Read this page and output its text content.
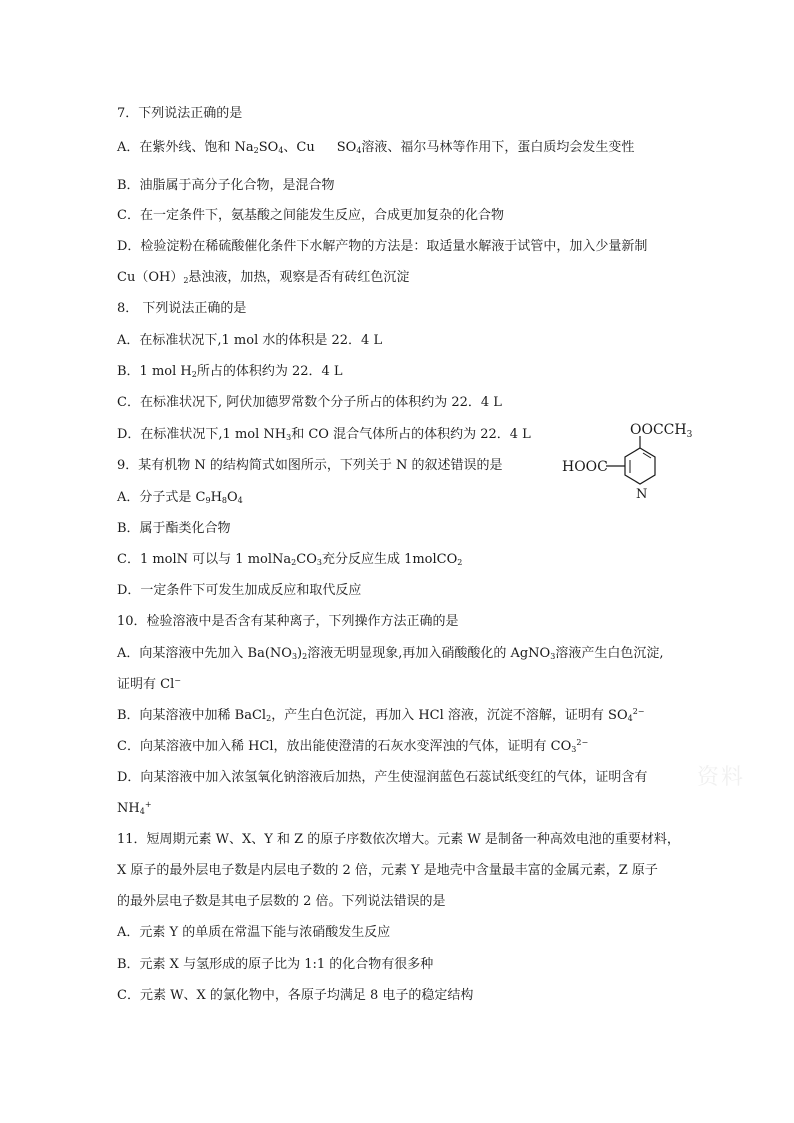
7．下列说法正确的是
A．在紫外线、饱和 $Na_2SO_4$、Cu $SO_4$溶液、福尔马林等作用下，蛋白质均会发生变性
B．油脂属于高分子化合物，是混合物
C．在一定条件下，氨基酸之间能发生反应，合成更加复杂的化合物
D．检验淀粉在稀硫酸催化条件下水解产物的方法是：取适量水解液于试管中，加入少量新制
$Cu(OH)_2$悬浊液，加热，观察是否有砖红色沉淀
8． 下列说法正确的是
A．在标准状况下,1 mol 水的体积是 22．4 L
B．1 mol $H_2$所占的体积约为 22．4 L
C．在标准状况下, 阿伏加德罗常数个分子所占的体积约为 22．4 L
D．在标准状况下,1 mol $NH_3$和 CO 混合气体所占的体积约为 22．4 L	$OOCCH_3$
HOOC
N
9．某有机物 N 的结构简式如图所示，下列关于 N 的叙述错误的是
A．分子式是 $C_9H_8O_4$
B．属于酯类化合物
C．1 molN 可以与 1 $molNa_2CO_3$充分反应生成 1molCO$_2$
D．一定条件下可发生加成反应和取代反应
10．检验溶液中是否含有某种离子，下列操作方法正确的是
A．向某溶液中先加入 $Ba(NO_3)_2$溶液无明显现象,再加入硝酸酸化的 AgNO$_3$溶液产生白色沉淀,
证明有 Cl−
B．向某溶液中加稀 BaCl$_2$，产生白色沉淀，再加入 HCl 溶液，沉淀不溶解，证明有 $SO_4^{2-}$
C．向某溶液中加入稀 HCl，放出能使澄清的石灰水变浑浊的气体，证明有 $CO_3^{2-}$
D．向某溶液中加入浓氢氧化钠溶液后加热，产生使湿润蓝色石蕊试纸变红的气体，证明含有
$NH_4^+$
11．短周期元素 W、X、Y 和 Z 的原子序数依次增大。元素 W 是制备一种高效电池的重要材料，
X 原子的最外层电子数是内层电子数的 2 倍，元素 Y 是地壳中含量最丰富的金属元素，Z 原子
的最外层电子数是其电子层数的 2 倍。下列说法错误的是
A．元素 Y 的单质在常温下能与浓硝酸发生反应
B．元素 X 与氢形成的原子比为 1:1 的化合物有很多种
C．元素 W、X 的氯化物中，各原子均满足 8 电子的稳定结构
资料
